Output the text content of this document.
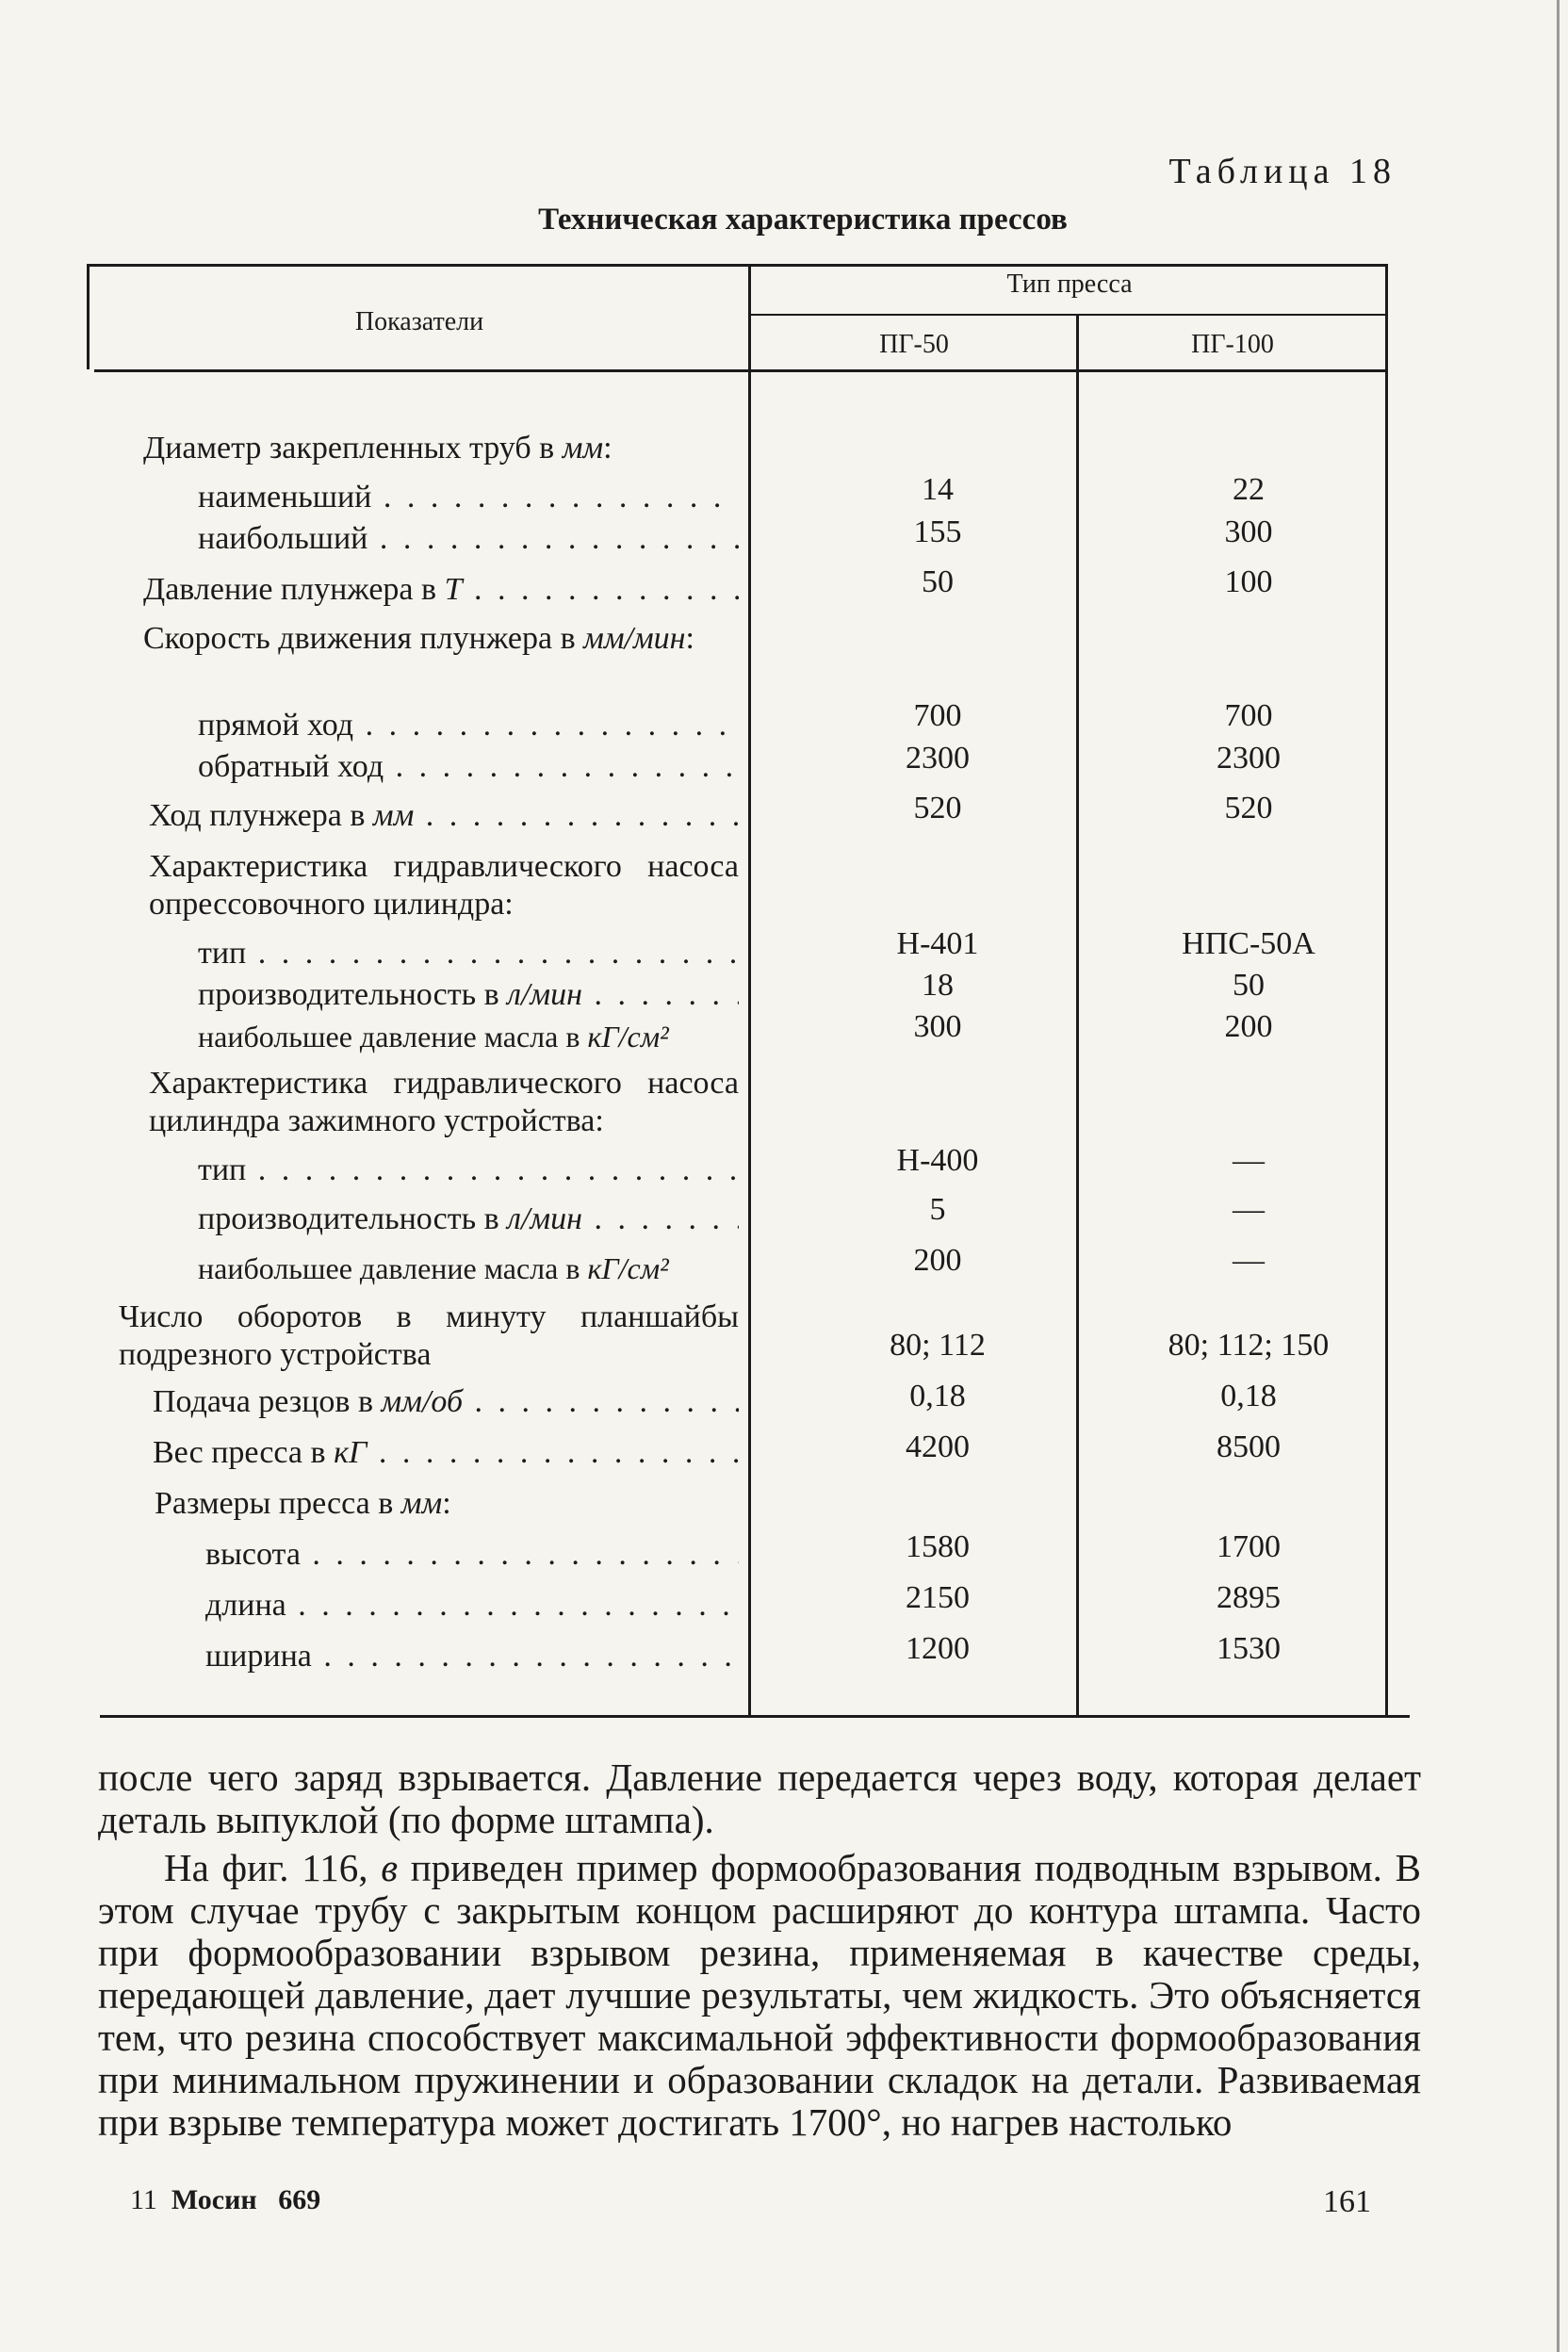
Таблица 18
Техническая характеристика прессов
Показатели
Тип пресса
ПГ-50	ПГ-100
Диаметр закрепленных труб в мм:
наименьший . . .	14	22
наибольший . . .	155	300
Давление плунжера в Т . . .	50	100
Скорость движения плунжера в мм/мин:
прямой ход . . .	700	700
обратный ход . . .	2300	2300
Ход плунжера в мм . . .	520	520
Характеристика гидравлического насоса опрессовочного цилиндра:
тип . . .	Н-401	НПС-50А
производительность в л/мин . . .	18	50
наибольшее давление масла в кГ/см²	300	200
Характеристика гидравлического насоса цилиндра зажимного устройства:
тип . . .	Н-400	—
производительность в л/мин . . .	5	—
наибольшее давление масла в кГ/см²	200	—
Число оборотов в минуту планшайбы подрезного устройства	80; 112	80; 112; 150
Подача резцов в мм/об . . .	0,18	0,18
Вес пресса в кГ . . .	4200	8500
Размеры пресса в мм:
высота . . .	1580	1700
длина . . .	2150	2895
ширина . . .	1200	1530
после чего заряд взрывается. Давление передается через воду, которая делает деталь выпуклой (по форме штампа).
На фиг. 116, в приведен пример формообразования подводным взрывом. В этом случае трубу с закрытым концом расширяют до контура штампа. Часто при формообразовании взрывом резина, применяемая в качестве среды, передающей давление, дает лучшие результаты, чем жидкость. Это объясняется тем, что резина способствует максимальной эффективности формообразования при минимальном пружинении и образовании складок на детали. Развиваемая при взрыве температура может достигать 1700°, но нагрев настолько
11 Мосин 669	161
